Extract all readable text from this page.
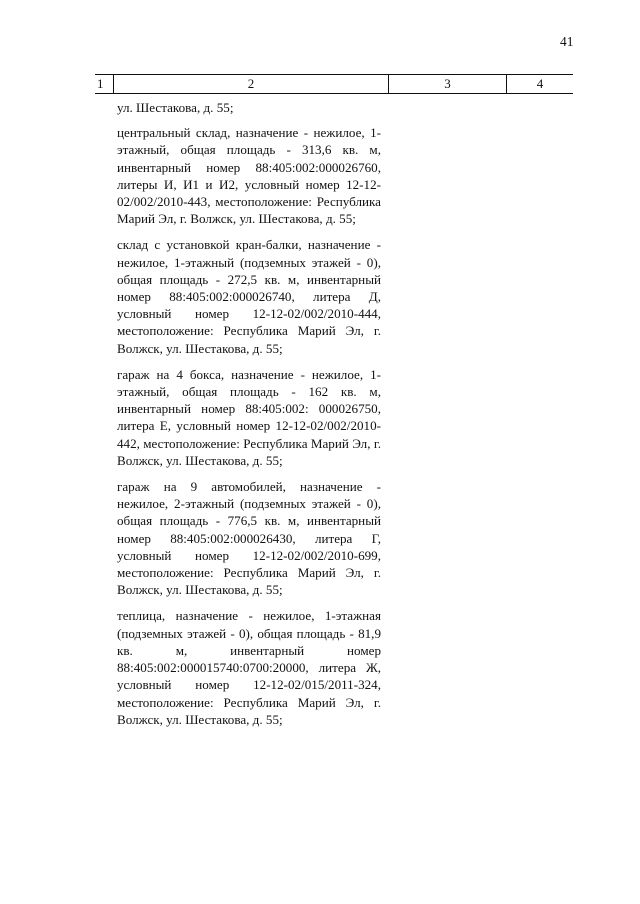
41
1	2	3	4

ул. Шестакова, д. 55;

центральный склад, назначение - нежилое, 1-этажный, общая площадь - 313,6 кв. м, инвентарный номер 88:405:002:000026760, литеры И, И1 и И2, условный номер 12-12-02/002/2010-443, местоположение: Республика Марий Эл, г. Волжск, ул. Шестакова, д. 55;

склад с установкой кран-балки, назначение - нежилое, 1-этажный (подземных этажей - 0), общая площадь - 272,5 кв. м, инвентарный номер 88:405:002:000026740, литера Д, условный номер 12-12-02/002/2010-444, местоположение: Республика Марий Эл, г. Волжск, ул. Шестакова, д. 55;

гараж на 4 бокса, назначение - нежилое, 1-этажный, общая площадь - 162 кв. м, инвентарный номер 88:405:002: 000026750, литера Е, условный номер 12-12-02/002/2010-442, местоположение: Республика Марий Эл, г. Волжск, ул. Шестакова, д. 55;

гараж на 9 автомобилей, назначение - нежилое, 2-этажный (подземных этажей - 0), общая площадь - 776,5 кв. м, инвентарный номер 88:405:002:000026430, литера Г, условный номер 12-12-02/002/2010-699, местоположение: Республика Марий Эл, г. Волжск, ул. Шестакова, д. 55;

теплица, назначение - нежилое, 1-этажная (подземных этажей - 0), общая площадь - 81,9 кв. м, инвентарный номер 88:405:002:000015740:0700:20000, литера Ж, условный номер 12-12-02/015/2011-324, местоположение: Республика Марий Эл, г. Волжск, ул. Шестакова, д. 55;
